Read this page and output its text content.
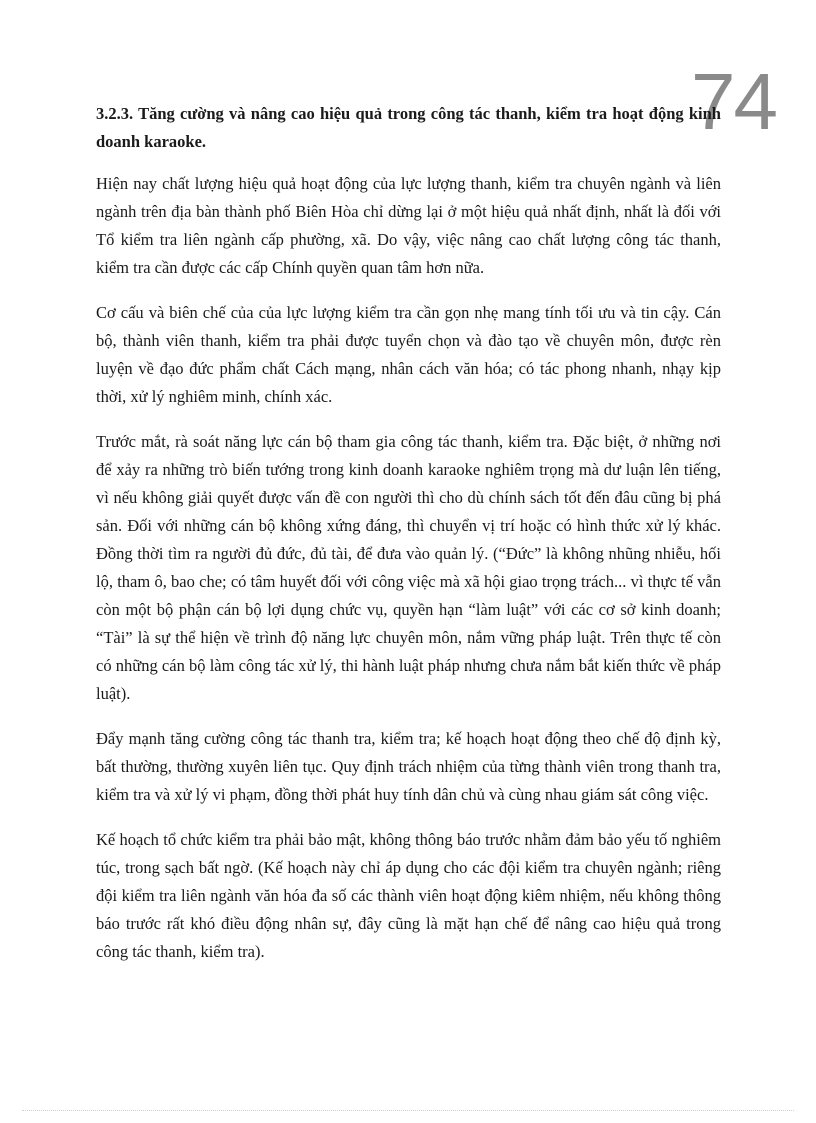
74

3.2.3. Tăng cường và nâng cao hiệu quả trong công tác thanh, kiểm tra hoạt động kinh doanh karaoke.

Hiện nay chất lượng hiệu quả hoạt động của lực lượng thanh, kiểm tra chuyên ngành và liên ngành trên địa bàn thành phố Biên Hòa chỉ dừng lại ở một hiệu quả nhất định, nhất là đối với Tổ kiểm tra liên ngành cấp phường, xã. Do vậy, việc nâng cao chất lượng công tác thanh, kiểm tra cần được các cấp Chính quyền quan tâm hơn nữa.

Cơ cấu và biên chế của của lực lượng kiểm tra cần gọn nhẹ mang tính tối ưu và tin cậy. Cán bộ, thành viên thanh, kiểm tra phải được tuyển chọn và đào tạo về chuyên môn, được rèn luyện về đạo đức phẩm chất Cách mạng, nhân cách văn hóa; có tác phong nhanh, nhạy kịp thời, xử lý nghiêm minh, chính xác.

Trước mắt, rà soát năng lực cán bộ tham gia công tác thanh, kiểm tra. Đặc biệt, ở những nơi để xảy ra những trò biến tướng trong kinh doanh karaoke nghiêm trọng mà dư luận lên tiếng, vì nếu không giải quyết được vấn đề con người thì cho dù chính sách tốt đến đâu cũng bị phá sản. Đối với những cán bộ không xứng đáng, thì chuyển vị trí hoặc có hình thức xử lý khác. Đồng thời tìm ra người đủ đức, đủ tài, để đưa vào quản lý. (“Đức” là không nhũng nhiễu, hối lộ, tham ô, bao che; có tâm huyết đối với công việc mà xã hội giao trọng trách... vì thực tế vẫn còn một bộ phận cán bộ lợi dụng chức vụ, quyền hạn “làm luật” với các cơ sở kinh doanh; “Tài” là sự thể hiện về trình độ năng lực chuyên môn, nắm vững pháp luật. Trên thực tế còn có những cán bộ làm công tác xử lý, thi hành luật pháp nhưng chưa nắm bắt kiến thức về pháp luật).

Đẩy mạnh tăng cường công tác thanh tra, kiểm tra; kế hoạch hoạt động theo chế độ định kỳ, bất thường, thường xuyên liên tục. Quy định trách nhiệm của từng thành viên trong thanh tra, kiểm tra và xử lý vi phạm, đồng thời phát huy tính dân chủ và cùng nhau giám sát công việc.

Kế hoạch tổ chức kiểm tra phải bảo mật, không thông báo trước nhằm đảm bảo yếu tố nghiêm túc, trong sạch bất ngờ. (Kế hoạch này chỉ áp dụng cho các đội kiểm tra chuyên ngành; riêng đội kiểm tra liên ngành văn hóa đa số các thành viên hoạt động kiêm nhiệm, nếu không thông báo trước rất khó điều động nhân sự, đây cũng là mặt hạn chế để nâng cao hiệu quả trong công tác thanh, kiểm tra).
